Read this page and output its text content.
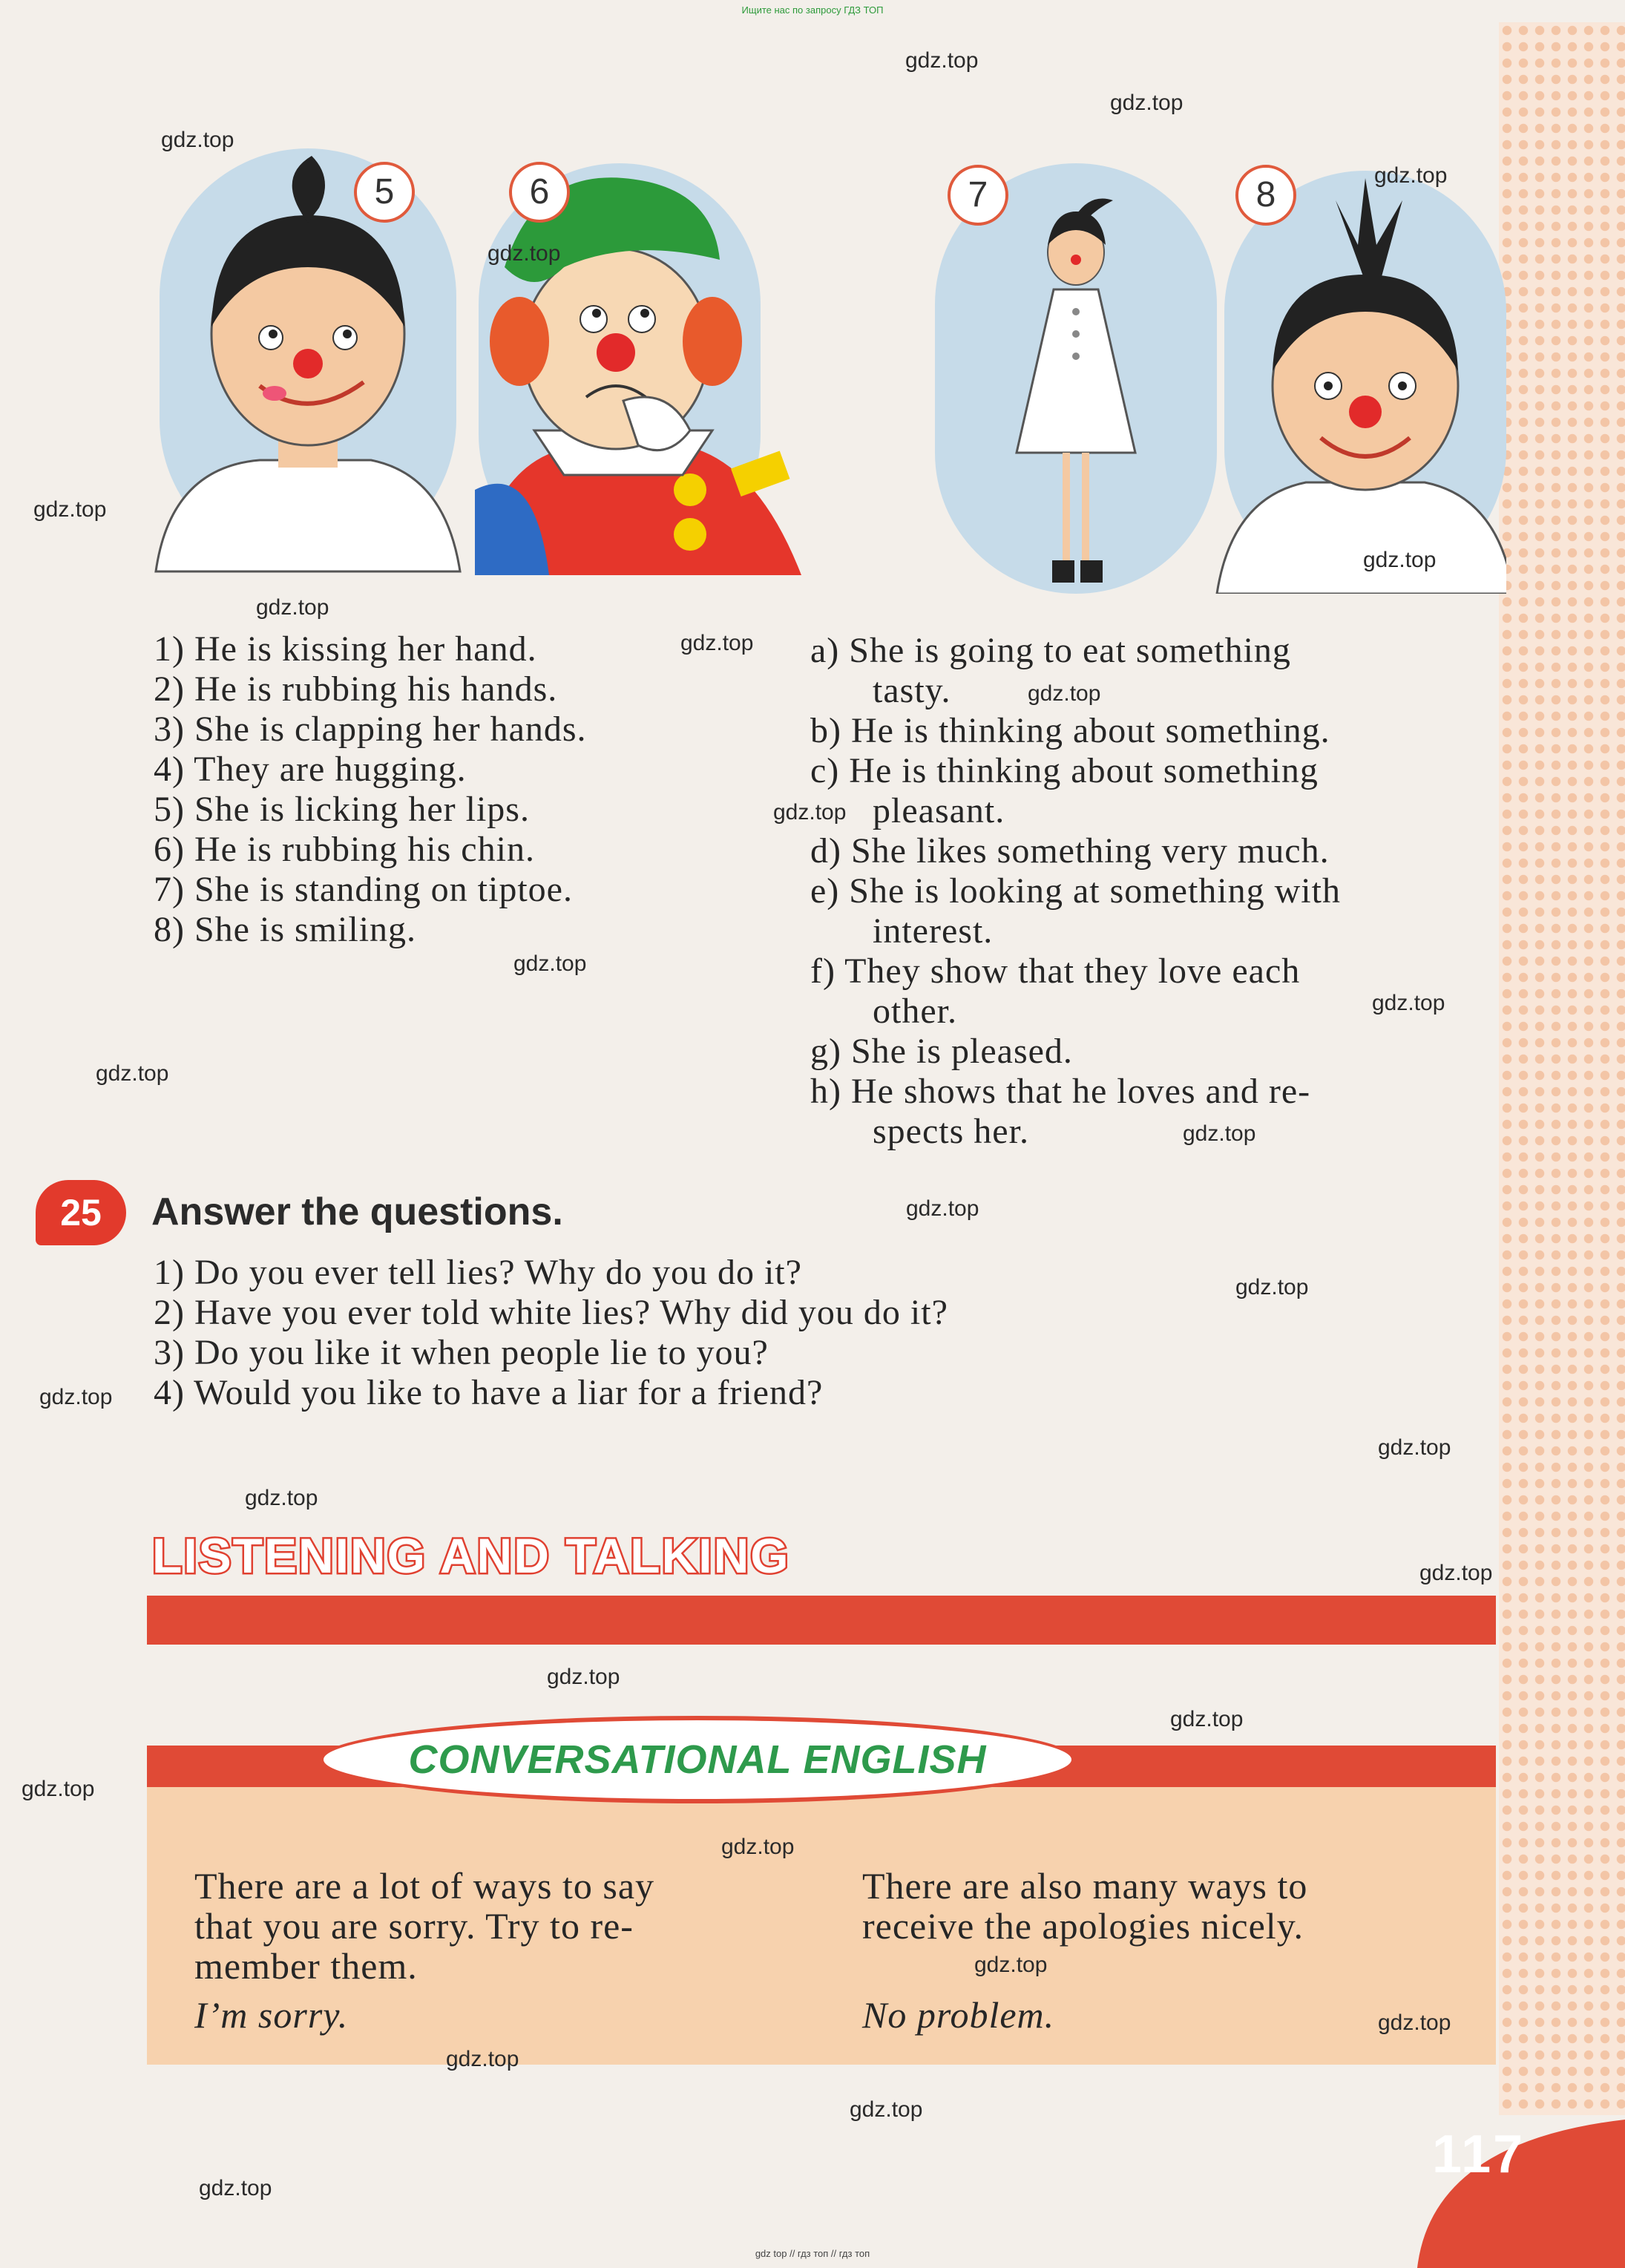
Ищите нас по запросу ГДЗ ТОП
5	6	7	8
1) He is kissing her hand.
2) He is rubbing his hands.
3) She is clapping her hands.
4) They are hugging.
5) She is licking her lips.
6) He is rubbing his chin.
7) She is standing on tiptoe.
8) She is smiling.
a) She is going to eat something
tasty.
b) He is thinking about something.
c) He is thinking about something
pleasant.
d) She likes something very much.
e) She is looking at something with
interest.
f) They show that they love each
other.
g) She is pleased.
h) He shows that he loves and re-
spects her.
25	Answer the questions.
1) Do you ever tell lies? Why do you do it?
2) Have you ever told white lies? Why did you do it?
3) Do you like it when people lie to you?
4) Would you like to have a liar for a friend?
LISTENING AND TALKING
CONVERSATIONAL ENGLISH
There are a lot of ways to say
that you are sorry. Try to re-
member them.
I’m sorry.
There are also many ways to
receive the apologies nicely.
No problem.
117
gdz.top
gdz.top
gdz.top
gdz.top
gdz.top
gdz.top
gdz.top
gdz.top
gdz.top
gdz.top
gdz.top
gdz.top
gdz.top
gdz.top
gdz.top
gdz.top
gdz.top
gdz.top
gdz.top
gdz.top
gdz.top
gdz.top
gdz.top
gdz.top
gdz.top
gdz.top
gdz.top
gdz.top
gdz.top
gdz.top
gdz top // гдз топ // гдз топ
